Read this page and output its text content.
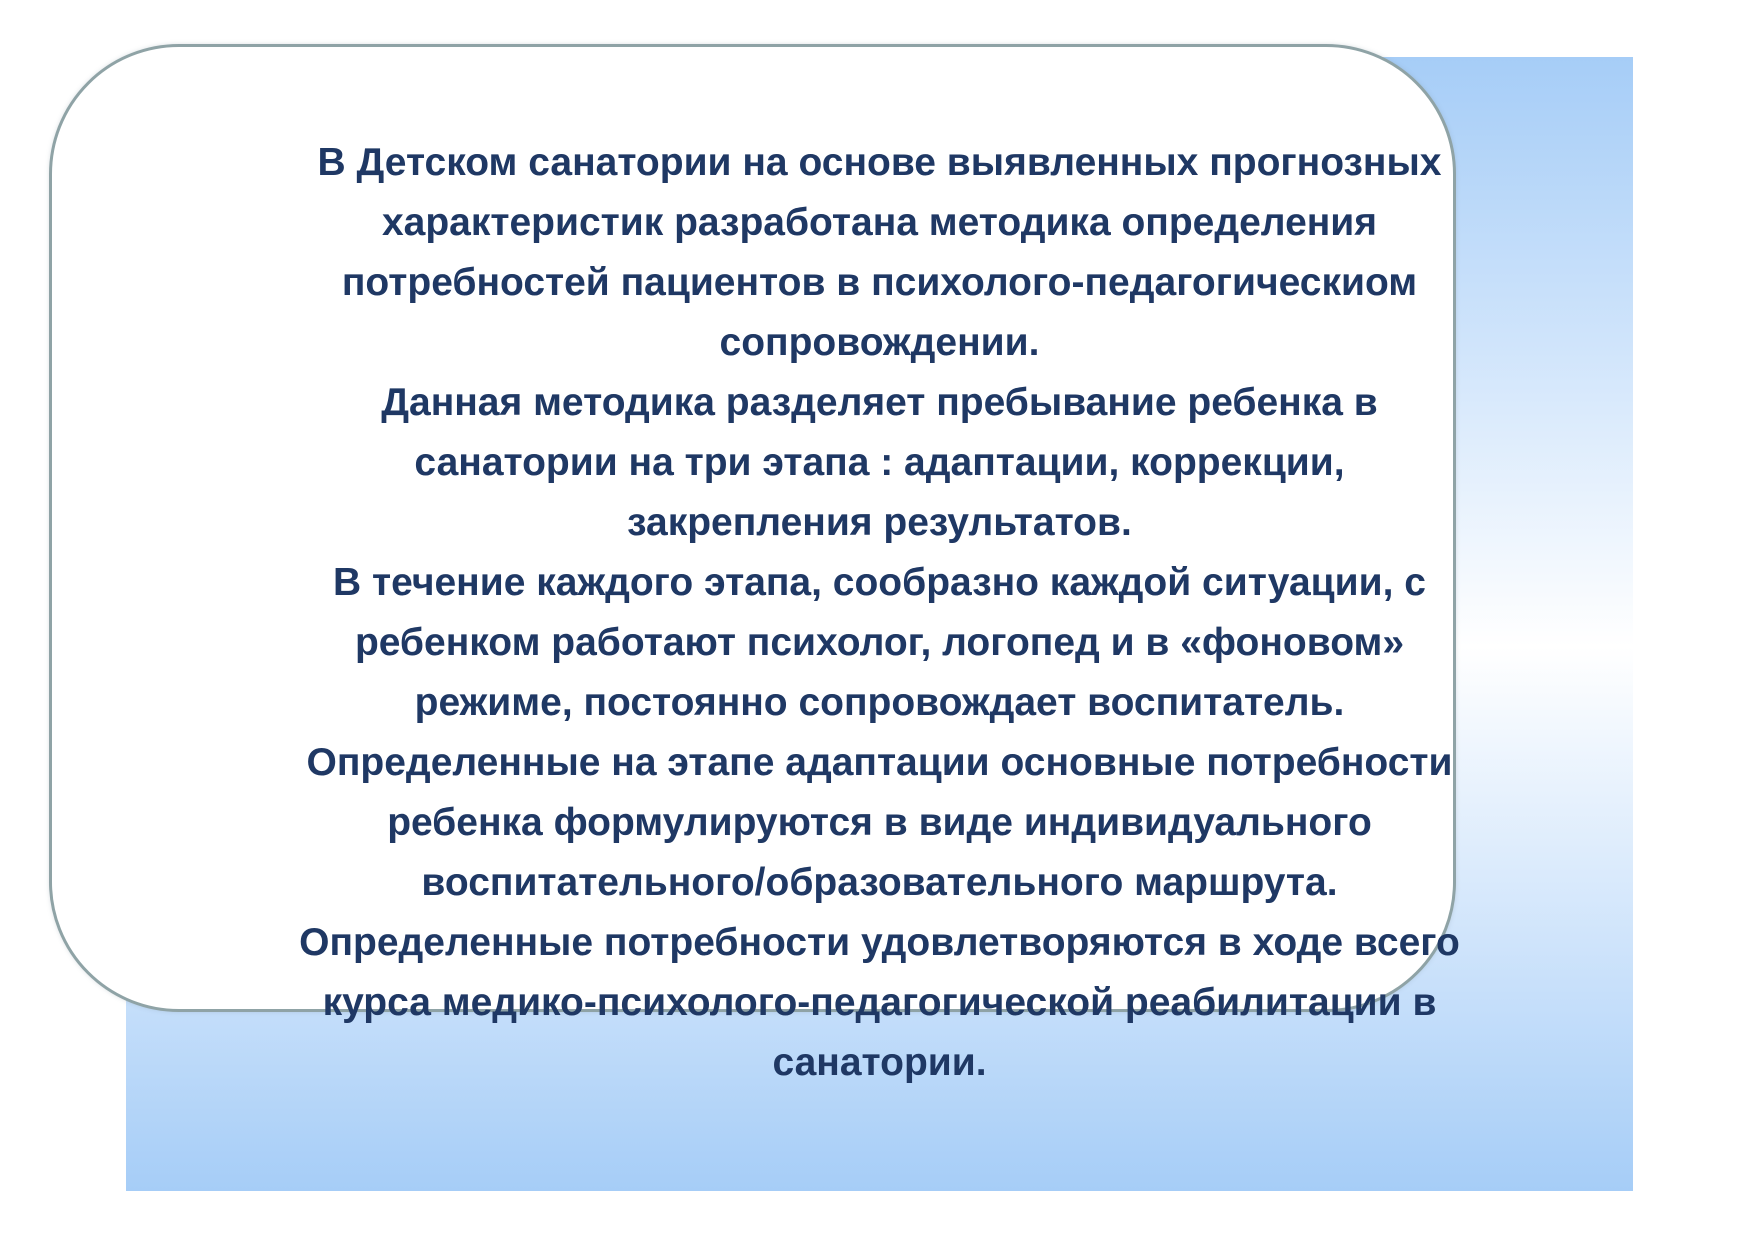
В Детском санатории на основе выявленных прогнозных
характеристик разработана методика определения
потребностей пациентов в психолого-педагогическиом
сопровождении.
Данная методика разделяет пребывание ребенка в
санатории на три этапа : адаптации, коррекции,
закрепления результатов.
В течение каждого этапа, сообразно каждой ситуации, с
ребенком работают психолог, логопед и в «фоновом»
режиме, постоянно сопровождает воспитатель.
Определенные на этапе адаптации основные потребности
ребенка формулируются в виде индивидуального
воспитательного/образовательного маршрута.
Определенные потребности удовлетворяются в ходе всего
курса медико-психолого-педагогической реабилитации в
санатории.
